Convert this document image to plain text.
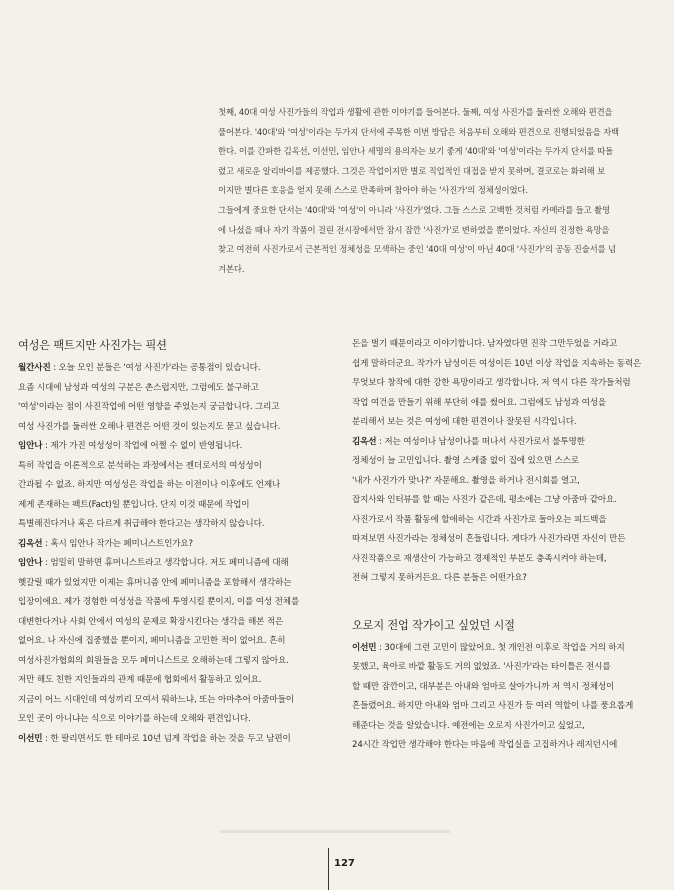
첫째, 40대 여성 사진가들의 작업과 생활에 관한 이야기를 들어본다. 둘째, 여성 사진가를 둘러싼 오해와 편견을

풀어본다. '40대'와 '여성'이라는 두가지 단서에 주목한 이번 방담은 처음부터 오해와 편견으로 진행되었음을 자백

한다. 이를 간파한 김옥선, 이선민, 임안나 세명의 용의자는 보기 좋게 '40대'와 '여성'이라는 두가지 단서를 따돌

렸고 새로운 알리바이를 제공했다. 그것은 작업이지만 별로 직업적인 대접을 받지 못하며, 결코로는 화려해 보

이지만 별다른 호응을 얻지 못해 스스로 만족하며 참아야 하는 '사진가'의 정체성이었다.

그들에게 중요한 단서는 '40대'와 '여성'이 아니라 '사진가'였다. 그들 스스로 고백한 것처럼 카메라를 들고 촬영

에 나섰을 때나 자기 작품이 걸린 전시장에서만 잠시 잠깐 '사진가'로 변하였을 뿐이었다. 자신의 진정한 욕망을

찾고 여전히 사진가로서 근본적인 정체성을 모색하는 중인 '40대 여성'이 아닌 40대 '사진가'의 공동 진술서를 넘

겨본다.

여성은 팩트지만 사진가는 픽션

월간사진 : 오늘 모인 분들은 '여성 사진가'라는 공통점이 있습니다.

요즘 시대에 남성과 여성의 구분은 촌스럽지만, 그럼에도 불구하고

'여성'이라는 점이 사진작업에 어떤 영향을 주었는지 궁금합니다. 그리고

여성 사진가를 둘러싼 오해나 편견은 어떤 것이 있는지도 묻고 싶습니다.

임안나 : 제가 가진 여성성이 작업에 어쩔 수 없이 반영됩니다.

특히 작업을 이론적으로 분석하는 과정에서는 젠더로서의 여성성이

간과될 수 없죠. 하지만 여성성은 작업을 하는 이전이나 이후에도 언제나

제게 존재하는 팩트(Fact)일 뿐입니다. 단지 이것 때문에 작업이

특별해진다거나 혹은 다르게 취급해야 한다고는 생각하지 않습니다.

김옥선 : 혹시 임안나 작가는 페미니스트인가요?

임안나 : 엄밀히 말하면 휴머니스트라고 생각합니다. 저도 페미니즘에 대해

헷갈릴 때가 있었지만 이제는 휴머니즘 안에 페미니즘을 포함해서 생각하는

입장이에요. 제가 경험한 여성성을 작품에 투영시킬 뿐이지, 이를 여성 전체를

대변한다거나 사회 안에서 여성의 문제로 확장시킨다는 생각을 해본 적은

없어요. 나 자신에 집중했을 뿐이지, 페미니즘을 고민한 적이 없어요. 흔히

여성사진가협회의 회원들을 모두 페미니스트로 오해하는데 그렇지 않아요.

저만 해도 친한 지인들과의 관계 때문에 협회에서 활동하고 있어요.

지금이 어느 시대인데 여성끼리 모여서 뭐하느냐, 또는 아마추어 아줌마들이

모인 곳이 아니냐는 식으로 이야기를 하는데 오해와 편견입니다.

이선민 : 한 팔리면서도 한 테마로 10년 넘게 작업을 하는 것을 두고 남편이

돈을 벌기 때문이라고 이야기합니다. 남자였다면 진작 그만두었을 거라고

쉽게 말하더군요. 작가가 남성이든 여성이든 10년 이상 작업을 지속하는 동력은

무엇보다 창작에 대한 강한 욕망이라고 생각합니다. 저 역시 다른 작가들처럼

작업 여건을 만들기 위해 부단히 애를 썼어요. 그럼에도 남성과 여성을

분리해서 보는 것은 여성에 대한 편견이나 잘못된 시각입니다.

김옥선 : 저는 여성이나 남성이나를 떠나서 사진가로서 불투명한

정체성이 늘 고민입니다. 촬영 스케줄 없이 집에 있으면 스스로

'내가 사진가가 맞나?' 자문해요. 촬영을 하거나 전시회를 열고,

잡지사와 인터뷰를 할 때는 사진가 같은데, 평소에는 그냥 아줌마 같아요.

사진가로서 작품 활동에 할애하는 시간과 사진가로 돌아오는 피드백을

따져보면 사진가라는 정체성이 흔들립니다. 게다가 사진가라면 자신이 만든

사진작품으로 재생산이 가능하고 경제적인 부분도 충족시켜야 하는데,

전혀 그렇지 못하거든요. 다른 분들은 어떤가요?

오로지 전업 작가이고 싶었던 시절

이선민 : 30대에 그런 고민이 많았어요. 첫 개인전 이후로 작업을 거의 하지

못했고, 육아로 바깥 활동도 거의 없었죠. '사진가'라는 타이틀은 전시를

할 때만 잠깐이고, 대부분은 아내와 엄마로 살아가니까 저 역시 정체성이

흔들렸어요. 하지만 아내와 엄마 그리고 사진가 등 여러 역할이 나를 풍요롭게

해준다는 것을 알았습니다. 예전에는 오로지 사진가이고 싶었고,

24시간 작업만 생각해야 한다는 마음에 작업실을 고집하거나 레지던시에

127
